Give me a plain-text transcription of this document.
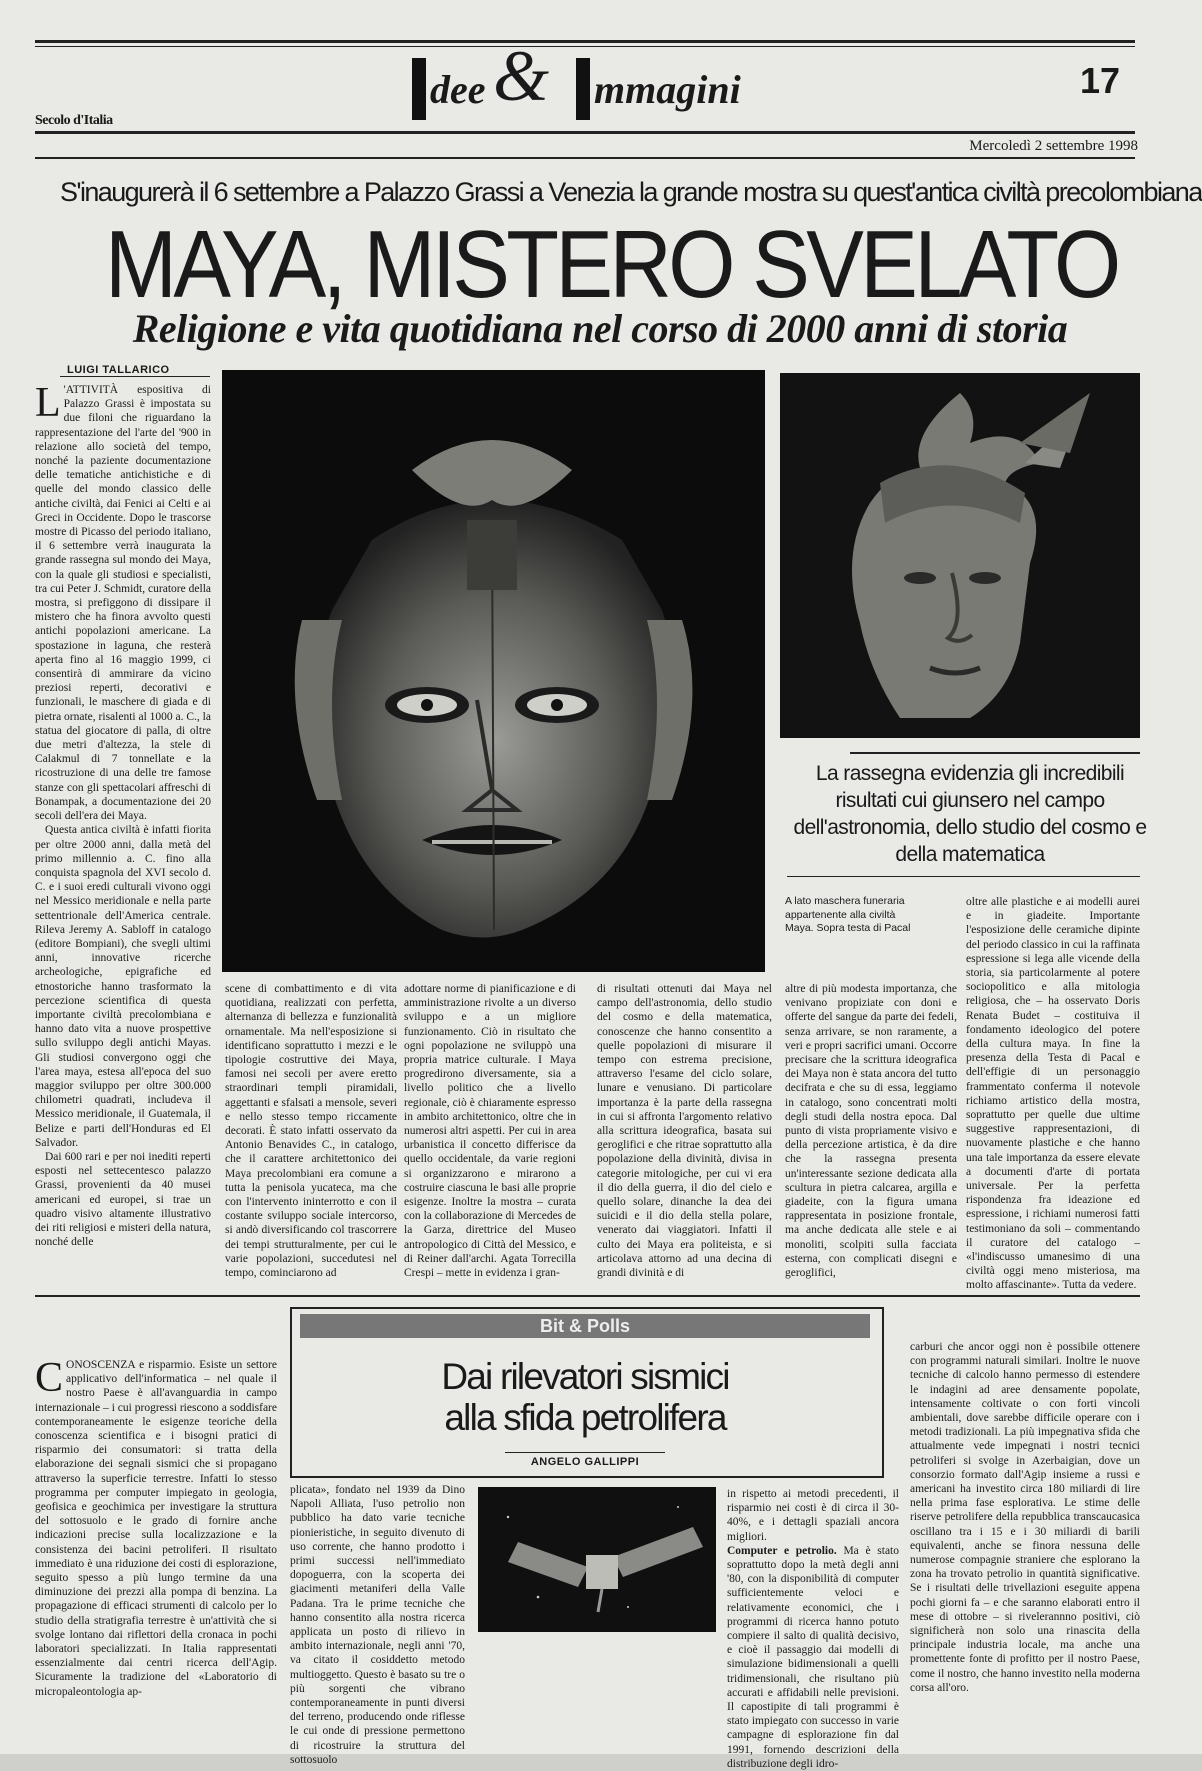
dee & mmagini	17
Secolo d'Italia
Mercoledì 2 settembre 1998
S'inaugurerà il 6 settembre a Palazzo Grassi a Venezia la grande mostra su quest'antica civiltà precolombiana
MAYA, MISTERO SVELATO
Religione e vita quotidiana nel corso di 2000 anni di storia
LUIGI TALLARICO
L 'ATTIVITÀ espositiva di Palazzo Grassi è impostata su due filoni che riguardano la rappresentazione del l'arte del '900 in relazione allo società del tempo, nonché la paziente documentazione delle tematiche antichistiche e di quelle del mondo classico delle antiche civiltà, dai Fenici ai Celti e ai Greci in Occidente. Dopo le trascorse mostre di Picasso del periodo italiano, il 6 settembre verrà inaugurata la grande rassegna sul mondo dei Maya, con la quale gli studiosi e specialisti, tra cui Peter J. Schmidt, curatore della mostra, si prefiggono di dissipare il mistero che ha finora avvolto questi antichi popolazioni americane. La spostazione in laguna, che resterà aperta fino al 16 maggio 1999, ci consentirà di ammirare da vicino preziosi reperti, decorativi e funzionali, le maschere di giada e di pietra ornate, risalenti al 1000 a. C., la statua del giocatore di palla, di oltre due metri d'altezza, la stele di Calakmul di 7 tonnellate e la ricostruzione di una delle tre famose stanze con gli spettacolari affreschi di Bonampak, a documentazione dei 20 secoli dell'era dei Maya.

Questa antica civiltà è infatti fiorita per oltre 2000 anni, dalla metà del primo millennio a. C. fino alla conquista spagnola del XVI secolo d. C. e i suoi eredi culturali vivono oggi nel Messico meridionale e nella parte settentrionale dell'America centrale. Rileva Jeremy A. Sabloff in catalogo (editore Bompiani), che svegli ultimi anni, innovative ricerche archeologiche, epigrafiche ed etnostoriche hanno trasformato la percezione scientifica di questa importante civiltà precolombiana e hanno dato vita a nuove prospettive sullo sviluppo degli antichi Mayas. Gli studiosi convergono oggi che l'area maya, estesa all'epoca del suo maggior sviluppo per oltre 300.000 chilometri quadrati, includeva il Messico meridionale, il Guatemala, il Belize e parti dell'Honduras ed El Salvador.
Dai 600 rari e per noi inediti reperti esposti nel settecentesco palazzo Grassi, provenienti da 40 musei americani ed europei, si trae un quadro visivo altamente illustrativo dei riti religiosi e misteri della natura, nonché delle
La rassegna evidenzia gli incredibili risultati cui giunsero nel campo dell'astronomia, dello studio del cosmo e della matematica
A lato maschera funeraria appartenente alla civiltà Maya. Sopra testa di Pacal
scene di combattimento e di vita quotidiana, realizzati con perfetta, alternanza di bellezza e funzionalità ornamentale. Ma nell'esposizione si identificano soprattutto i mezzi e le tipologie costruttive dei Maya, famosi nei secoli per avere eretto straordinari templi piramidali, aggettanti e sfalsati a mensole, severi e nello stesso tempo riccamente decorati. È stato infatti osservato da Antonio Benavides C., in catalogo, che il carattere architettonico dei Maya precolombiani era comune a tutta la penisola yucateca, ma che con l'intervento ininterrotto e con il costante sviluppo sociale intercorso, si andò diversificando col trascorrere dei tempi strutturalmente, per cui le varie popolazioni, succedutesi nel tempo, cominciarono ad
adottare norme di pianificazione e di amministrazione rivolte a un diverso sviluppo e a un migliore funzionamento. Ciò in risultato che ogni popolazione ne sviluppò una propria matrice culturale. I Maya progredirono diversamente, sia a livello politico che a livello regionale, ciò è chiaramente espresso in ambito architettonico, oltre che in numerosi altri aspetti. Per cui in area urbanistica il concetto differisce da quello occidentale, da varie regioni si organizzarono e mirarono a costruire ciascuna le basi alle proprie esigenze. Inoltre la mostra – curata con la collaborazione di Mercedes de la Garza, direttrice del Museo antropologico di Città del Messico, e di Reiner dall'archi. Agata Torrecilla Crespi – mette in evidenza i gran-
di risultati ottenuti dai Maya nel campo dell'astronomia, dello studio del cosmo e della matematica, conoscenze che hanno consentito a quelle popolazioni di misurare il tempo con estrema precisione, attraverso l'esame del ciclo solare, lunare e venusiano. Di particolare importanza è la parte della rassegna in cui si affronta l'argomento relativo alla scrittura ideografica, basata sui geroglifici e che ritrae soprattutto alla popolazione della divinità, divisa in categorie mitologiche, per cui vi era il dio della guerra, il dio del cielo e quello solare, dinanche la dea dei suicidi e il dio della stella polare, venerato dai viaggiatori. Infatti il culto dei Maya era politeista, e si articolava attorno ad una decina di grandi divinità e di
altre di più modesta importanza, che venivano propiziate con doni e offerte del sangue da parte dei fedeli, senza arrivare, se non raramente, a veri e propri sacrifici umani. Occorre precisare che la scrittura ideografica dei Maya non è stata ancora del tutto decifrata e che su di essa, leggiamo in catalogo, sono concentrati molti degli studi della nostra epoca. Dal punto di vista propriamente visivo e della percezione artistica, è da dire che la rassegna presenta un'interessante sezione dedicata alla scultura in pietra calcarea, argilla e giadeite, con la figura umana rappresentata in posizione frontale, ma anche dedicata alle stele e ai monoliti, scolpiti sulla facciata esterna, con complicati disegni e geroglifici,
oltre alle plastiche e ai modelli aurei e in giadeite. Importante l'esposizione delle ceramiche dipinte del periodo classico in cui la raffinata espressione si lega alle vicende della storia, sia particolarmente al potere sociopolitico e alla mitologia religiosa, che – ha osservato Doris Renata Budet – costituiva il fondamento ideologico del potere della cultura maya. In fine la presenza della Testa di Pacal e dell'effigie di un personaggio frammentato conferma il notevole richiamo artistico della mostra, soprattutto per quelle due ultime suggestive rappresentazioni, di nuovamente plastiche e che hanno una tale importanza da essere elevate a documenti d'arte di portata universale. Per la perfetta rispondenza fra ideazione ed espressione, i richiami numerosi fatti testimoniano da soli – commentando il curatore del catalogo – «l'indiscusso umanesimo di una civiltà oggi meno misteriosa, ma molto affascinante». Tutta da vedere.
Bit & Polls
Dai rilevatori sismici
alla sfida petrolifera
ANGELO GALLIPPI
CONOSCENZA e risparmio. Esiste un settore applicativo dell'informatica – nel quale il nostro Paese è all'avanguardia in campo internazionale – i cui progressi riescono a soddisfare contemporaneamente le esigenze teoriche della conoscenza scientifica e i bisogni pratici di risparmio dei consumatori: si tratta della elaborazione dei segnali sismici che si propagano attraverso la superficie terrestre. Infatti lo stesso programma per computer impiegato in geologia, geofisica e geochimica per investigare la struttura del sottosuolo e le grado di fornire anche indicazioni precise sulla localizzazione e la consistenza dei bacini petroliferi. Il risultato immediato è una riduzione dei costi di esplorazione, seguito spesso a più lungo termine da una diminuzione dei prezzi alla pompa di benzina. La propagazione di efficaci strumenti di calcolo per lo studio della stratigrafia terrestre è un'attività che si svolge lontano dai riflettori della cronaca in pochi laboratori specializzati. In Italia rappresentati essenzialmente dai centri ricerca dell'Agip. Sicuramente la tradizione del «Laboratorio di micropaleontologia ap-
plicata», fondato nel 1939 da Dino Napoli Alliata, l'uso petrolio non pubblico ha dato varie tecniche pionieristiche, in seguito divenuto di uso corrente, che hanno prodotto i primi successi nell'immediato dopoguerra, con la scoperta dei giacimenti metaniferi della Valle Padana. Tra le prime tecniche che hanno consentito alla nostra ricerca applicata un posto di rilievo in ambito internazionale, negli anni '70, va citato il cosiddetto metodo multioggetto. Questo è basato su tre o più sorgenti che vibrano contemporaneamente in punti diversi del terreno, producendo onde riflesse le cui onde di pressione permettono di ricostruire la struttura del sottosuolo
in rispetto ai metodi precedenti, il risparmio nei costi è di circa il 30-40%, e i dettagli spaziali ancora migliori.
Computer e petrolio. Ma è stato soprattutto dopo la metà degli anni '80, con la disponibilità di computer sufficientemente veloci e relativamente economici, che i programmi di ricerca hanno potuto compiere il salto di qualità decisivo, e cioè il passaggio dai modelli di simulazione bidimensionali a quelli tridimensionali, che risultano più accurati e affidabili nelle previsioni. Il capostipite di tali programmi è stato impiegato con successo in varie campagne di esplorazione fin dal 1991, fornendo descrizioni della distribuzione degli idro-
carburi che ancor oggi non è possibile ottenere con programmi naturali similari. Inoltre le nuove tecniche di calcolo hanno permesso di estendere le indagini ad aree densamente popolate, intensamente coltivate o con forti vincoli ambientali, dove sarebbe difficile operare con i metodi tradizionali. La più impegnativa sfida che attualmente vede impegnati i nostri tecnici petroliferi si svolge in Azerbaigian, dove un consorzio formato dall'Agip insieme a russi e americani ha investito circa 180 miliardi di lire nella prima fase esplorativa. Le stime delle riserve petrolifere della repubblica transcaucasica oscillano tra i 15 e i 30 miliardi di barili equivalenti, anche se finora nessuna delle numerose compagnie straniere che esplorano la zona ha trovato petrolio in quantità significative. Se i risultati delle trivellazioni eseguite appena pochi giorni fa – e che saranno elaborati entro il mese di ottobre – si rivelerannno positivi, ciò significherà non solo una rinascita della principale industria locale, ma anche una promettente fonte di profitto per il nostro Paese, come il nostro, che hanno investito nella moderna corsa all'oro.
